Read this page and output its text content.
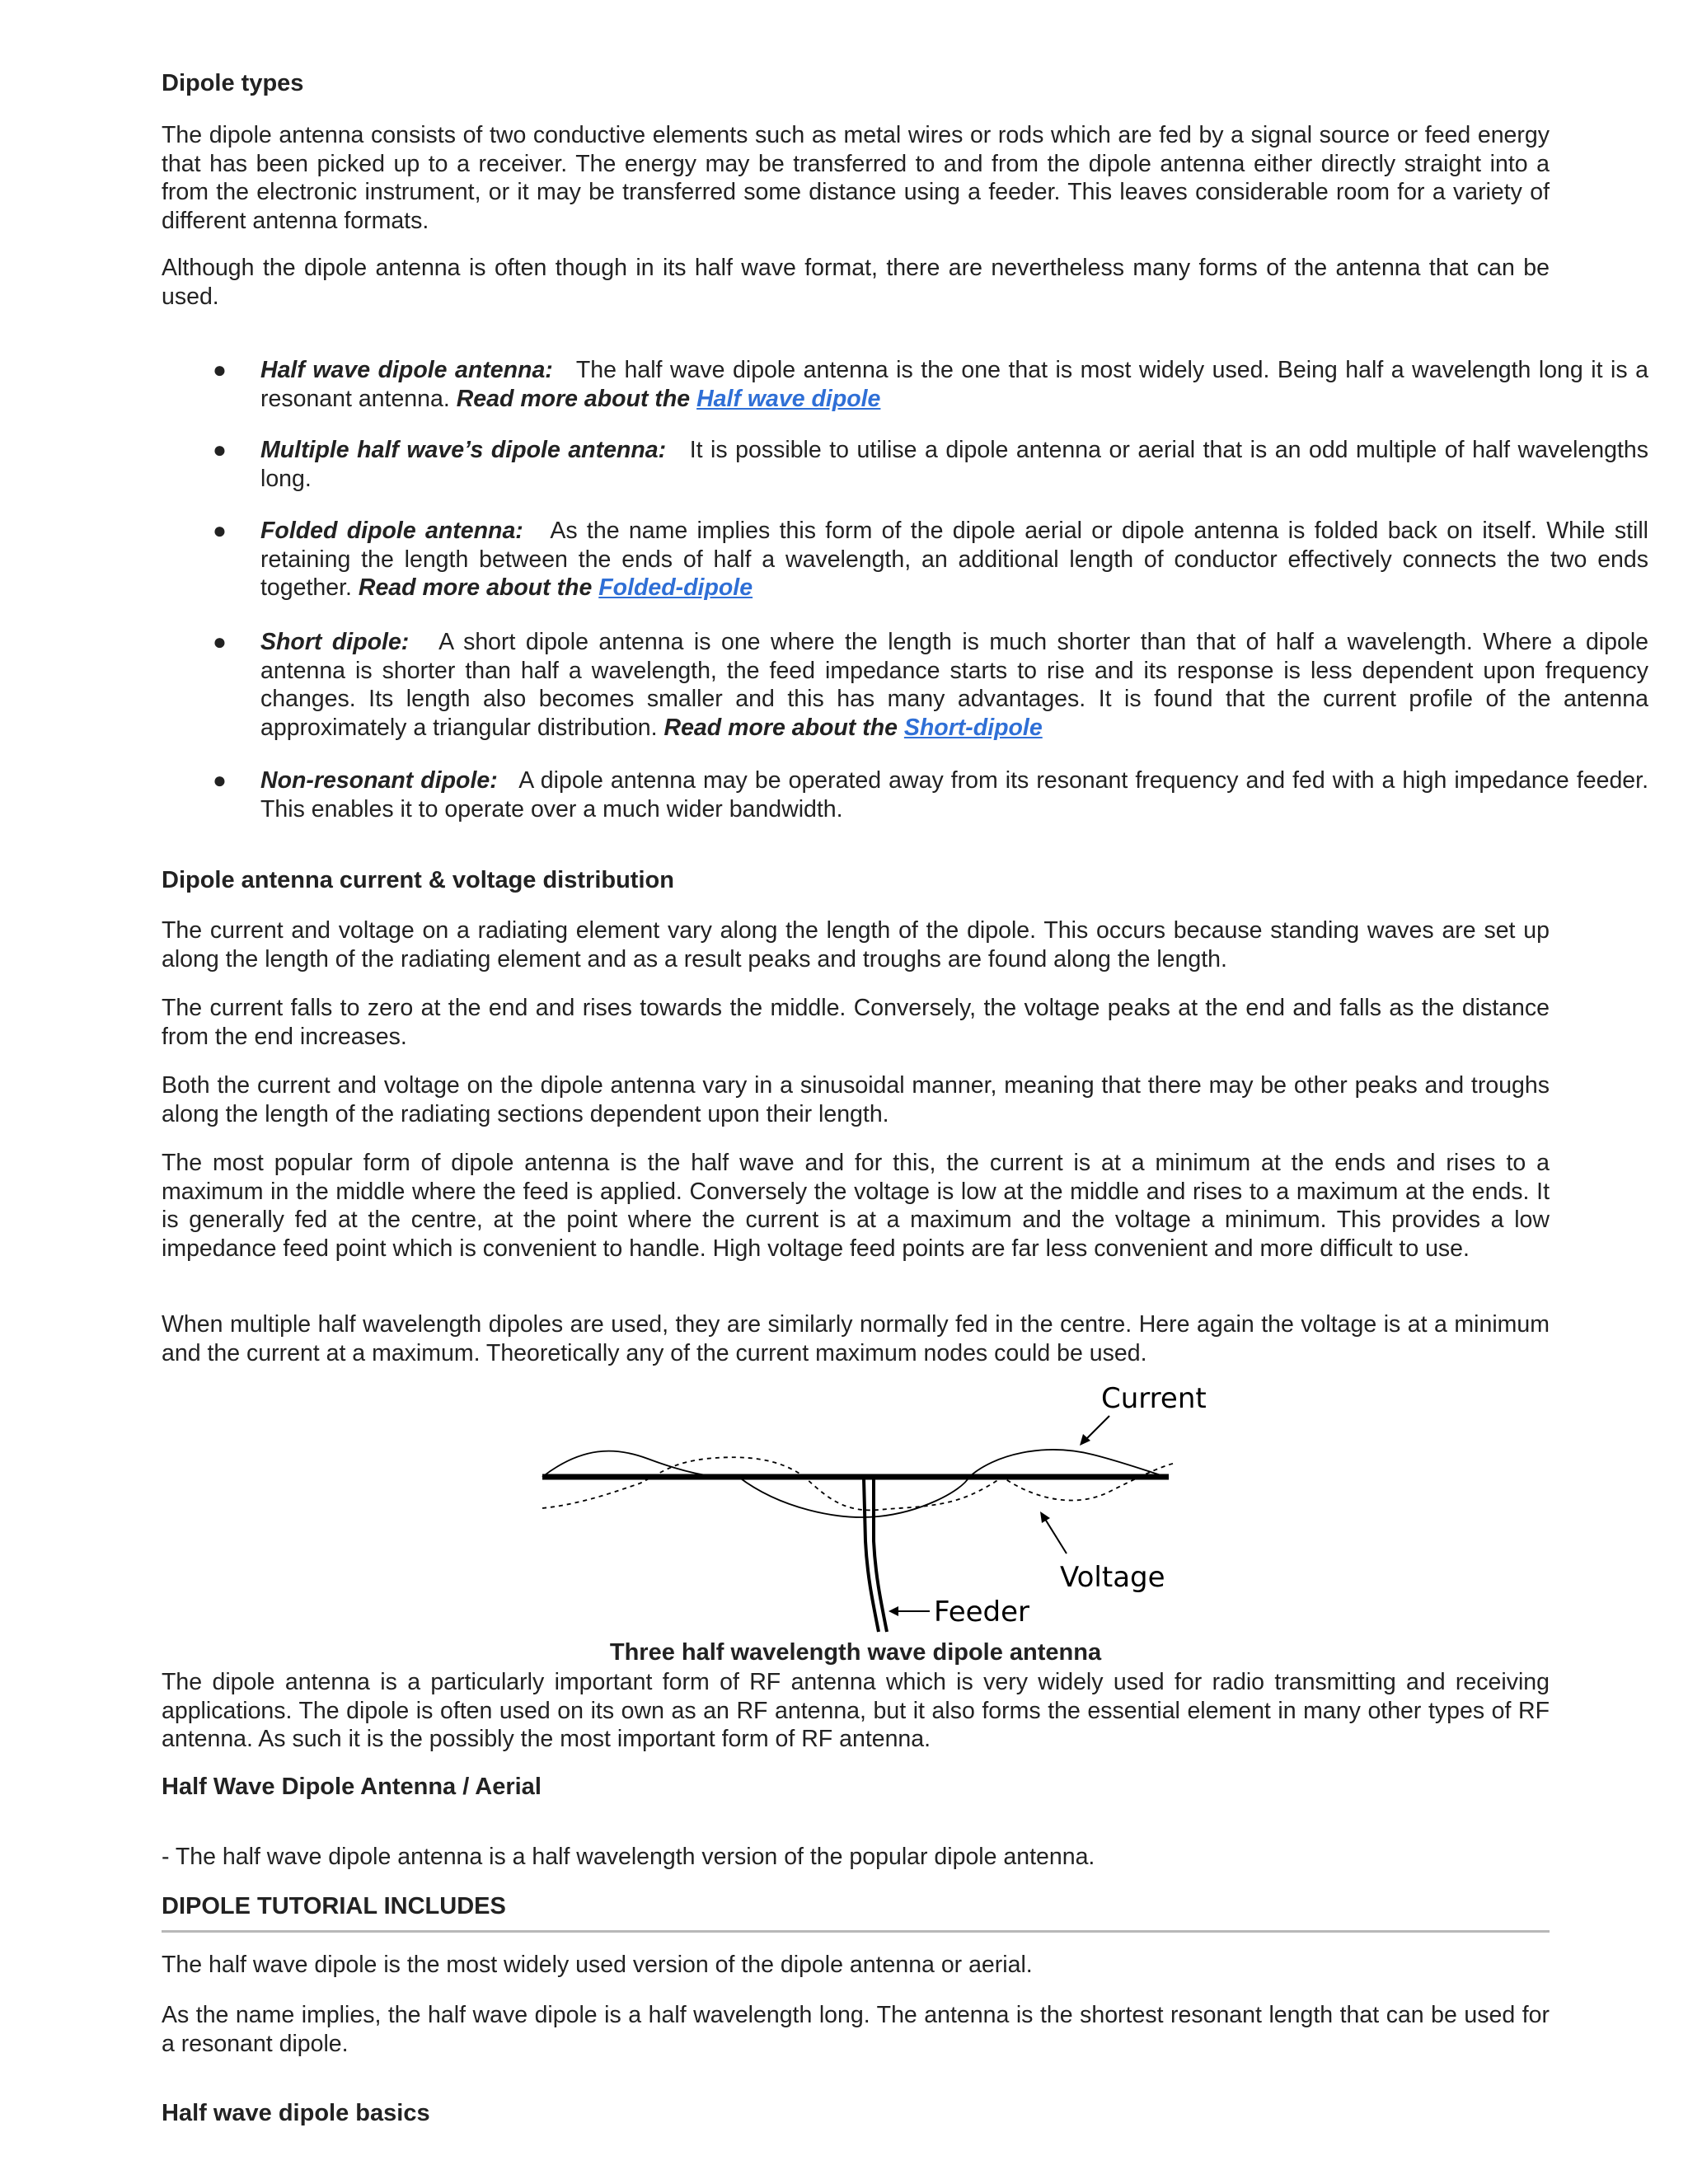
Dipole types

The dipole antenna consists of two conductive elements such as metal wires or rods which are fed by a signal source or feed energy that has been picked up to a receiver. The energy may be transferred to and from the dipole antenna either directly straight into a from the electronic instrument, or it may be transferred some distance using a feeder. This leaves considerable room for a variety of different antenna formats.

Although the dipole antenna is often though in its half wave format, there are nevertheless many forms of the antenna that can be used.

● Half wave dipole antenna: The half wave dipole antenna is the one that is most widely used. Being half a wavelength long it is a resonant antenna. Read more about the Half wave dipole
● Multiple half wave’s dipole antenna: It is possible to utilise a dipole antenna or aerial that is an odd multiple of half wavelengths long.
● Folded dipole antenna: As the name implies this form of the dipole aerial or dipole antenna is folded back on itself. While still retaining the length between the ends of half a wavelength, an additional length of conductor effectively connects the two ends together. Read more about the Folded-dipole
● Short dipole: A short dipole antenna is one where the length is much shorter than that of half a wavelength. Where a dipole antenna is shorter than half a wavelength, the feed impedance starts to rise and its response is less dependent upon frequency changes. Its length also becomes smaller and this has many advantages. It is found that the current profile of the antenna approximately a triangular distribution. Read more about the Short-dipole
● Non-resonant dipole: A dipole antenna may be operated away from its resonant frequency and fed with a high impedance feeder. This enables it to operate over a much wider bandwidth.
Dipole antenna current & voltage distribution

The current and voltage on a radiating element vary along the length of the dipole. This occurs because standing waves are set up along the length of the radiating element and as a result peaks and troughs are found along the length.

The current falls to zero at the end and rises towards the middle. Conversely, the voltage peaks at the end and falls as the distance from the end increases.

Both the current and voltage on the dipole antenna vary in a sinusoidal manner, meaning that there may be other peaks and troughs along the length of the radiating sections dependent upon their length.

The most popular form of dipole antenna is the half wave and for this, the current is at a minimum at the ends and rises to a maximum in the middle where the feed is applied. Conversely the voltage is low at the middle and rises to a maximum at the ends. It is generally fed at the centre, at the point where the current is at a maximum and the voltage a minimum. This provides a low impedance feed point which is convenient to handle. High voltage feed points are far less convenient and more difficult to use.

When multiple half wavelength dipoles are used, they are similarly normally fed in the centre. Here again the voltage is at a minimum and the current at a maximum. Theoretically any of the current maximum nodes could be used.

Current
Voltage
Feeder

Three half wavelength wave dipole antenna

The dipole antenna is a particularly important form of RF antenna which is very widely used for radio transmitting and receiving applications. The dipole is often used on its own as an RF antenna, but it also forms the essential element in many other types of RF antenna. As such it is the possibly the most important form of RF antenna.

Half Wave Dipole Antenna / Aerial

- The half wave dipole antenna is a half wavelength version of the popular dipole antenna.

DIPOLE TUTORIAL INCLUDES

The half wave dipole is the most widely used version of the dipole antenna or aerial.

As the name implies, the half wave dipole is a half wavelength long. The antenna is the shortest resonant length that can be used for a resonant dipole.

Half wave dipole basics
